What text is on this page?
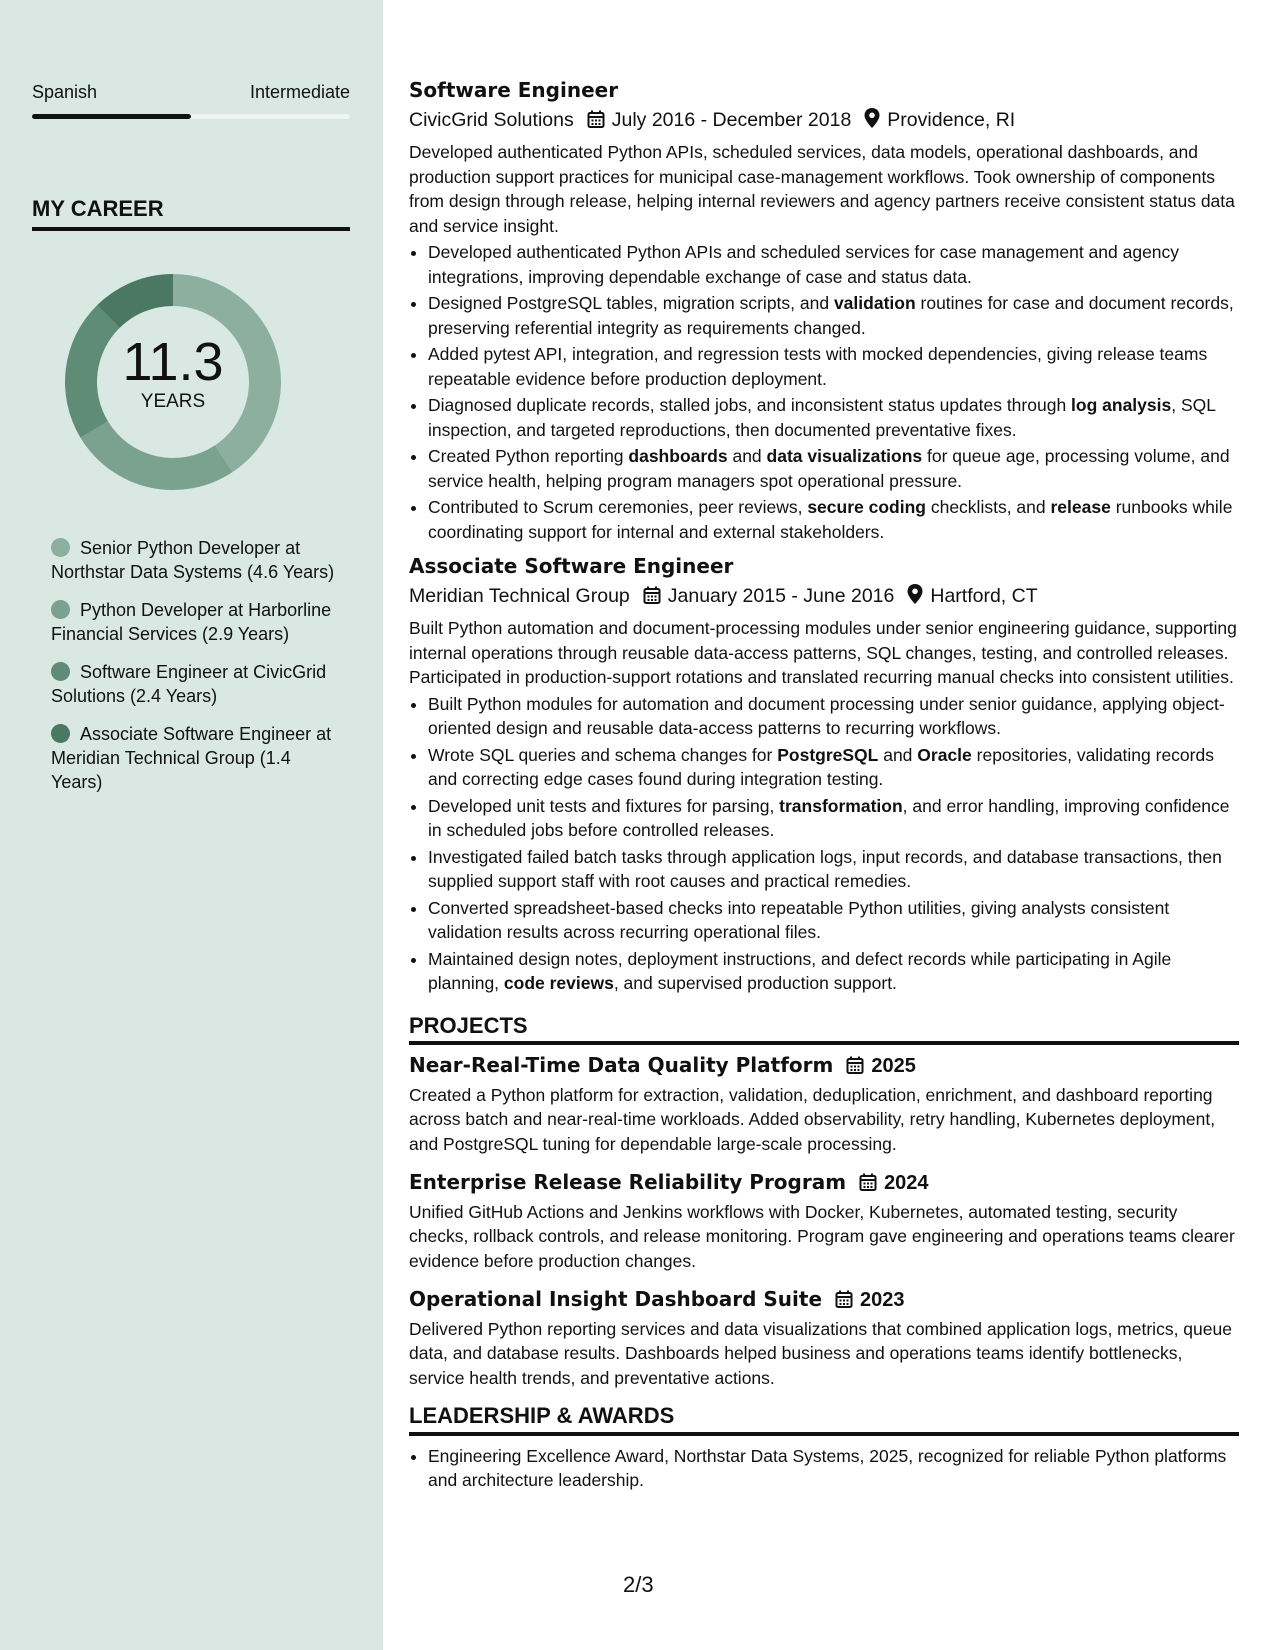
Spanish	Intermediate
MY CAREER
11.3
YEARS
Senior Python Developer at Northstar Data Systems (4.6 Years)
Python Developer at Harborline Financial Services (2.9 Years)
Software Engineer at CivicGrid Solutions (2.4 Years)
Associate Software Engineer at Meridian Technical Group (1.4 Years)
Software Engineer
CivicGrid Solutions July 2016 - December 2018 Providence, RI

Developed authenticated Python APIs, scheduled services, data models, operational dashboards, and production support practices for municipal case-management workflows. Took ownership of components from design through release, helping internal reviewers and agency partners receive consistent status data and service insight.

• Developed authenticated Python APIs and scheduled services for case management and agency integrations, improving dependable exchange of case and status data.
• Designed PostgreSQL tables, migration scripts, and validation routines for case and document records, preserving referential integrity as requirements changed.
• Added pytest API, integration, and regression tests with mocked dependencies, giving release teams repeatable evidence before production deployment.
• Diagnosed duplicate records, stalled jobs, and inconsistent status updates through log analysis, SQL inspection, and targeted reproductions, then documented preventative fixes.
• Created Python reporting dashboards and data visualizations for queue age, processing volume, and service health, helping program managers spot operational pressure.
• Contributed to Scrum ceremonies, peer reviews, secure coding checklists, and release runbooks while coordinating support for internal and external stakeholders.
Associate Software Engineer
Meridian Technical Group January 2015 - June 2016 Hartford, CT

Built Python automation and document-processing modules under senior engineering guidance, supporting internal operations through reusable data-access patterns, SQL changes, testing, and controlled releases. Participated in production-support rotations and translated recurring manual checks into consistent utilities.

• Built Python modules for automation and document processing under senior guidance, applying object-oriented design and reusable data-access patterns to recurring workflows.
• Wrote SQL queries and schema changes for PostgreSQL and Oracle repositories, validating records and correcting edge cases found during integration testing.
• Developed unit tests and fixtures for parsing, transformation, and error handling, improving confidence in scheduled jobs before controlled releases.
• Investigated failed batch tasks through application logs, input records, and database transactions, then supplied support staff with root causes and practical remedies.
• Converted spreadsheet-based checks into repeatable Python utilities, giving analysts consistent validation results across recurring operational files.
• Maintained design notes, deployment instructions, and defect records while participating in Agile planning, code reviews, and supervised production support.
PROJECTS
Near-Real-Time Data Quality Platform 2025

Created a Python platform for extraction, validation, deduplication, enrichment, and dashboard reporting across batch and near-real-time workloads. Added observability, retry handling, Kubernetes deployment, and PostgreSQL tuning for dependable large-scale processing.

Enterprise Release Reliability Program 2024

Unified GitHub Actions and Jenkins workflows with Docker, Kubernetes, automated testing, security checks, rollback controls, and release monitoring. Program gave engineering and operations teams clearer evidence before production changes.

Operational Insight Dashboard Suite 2023

Delivered Python reporting services and data visualizations that combined application logs, metrics, queue data, and database results. Dashboards helped business and operations teams identify bottlenecks, service health trends, and preventative actions.

LEADERSHIP & AWARDS
• Engineering Excellence Award, Northstar Data Systems, 2025, recognized for reliable Python platforms and architecture leadership.
2/3
